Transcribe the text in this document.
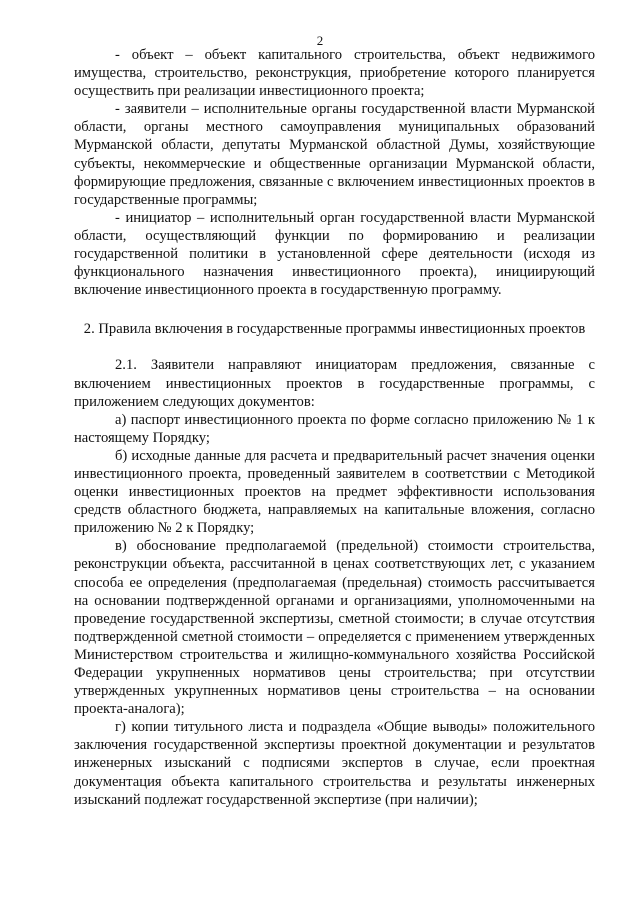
2

- объект – объект капитального строительства, объект недвижимого имущества, строительство, реконструкция, приобретение которого планируется осуществить при реализации инвестиционного проекта;

- заявители – исполнительные органы государственной власти Мурманской области, органы местного самоуправления муниципальных образований Мурманской области, депутаты Мурманской областной Думы, хозяйствующие субъекты, некоммерческие и общественные организации Мурманской области, формирующие предложения, связанные с включением инвестиционных проектов в государственные программы;

- инициатор – исполнительный орган государственной власти Мурманской области, осуществляющий функции по формированию и реализации государственной политики в установленной сфере деятельности (исходя из функционального назначения инвестиционного проекта), инициирующий включение инвестиционного проекта в государственную программу.

2. Правила включения в государственные программы инвестиционных проектов

2.1. Заявители направляют инициаторам предложения, связанные с включением инвестиционных проектов в государственные программы, с приложением следующих документов:

а) паспорт инвестиционного проекта по форме согласно приложению № 1 к настоящему Порядку;

б) исходные данные для расчета и предварительный расчет значения оценки инвестиционного проекта, проведенный заявителем в соответствии с Методикой оценки инвестиционных проектов на предмет эффективности использования средств областного бюджета, направляемых на капитальные вложения, согласно приложению № 2 к Порядку;

в) обоснование предполагаемой (предельной) стоимости строительства, реконструкции объекта, рассчитанной в ценах соответствующих лет, с указанием способа ее определения (предполагаемая (предельная) стоимость рассчитывается на основании подтвержденной органами и организациями, уполномоченными на проведение государственной экспертизы, сметной стоимости; в случае отсутствия подтвержденной сметной стоимости – определяется с применением утвержденных Министерством строительства и жилищно-коммунального хозяйства Российской Федерации укрупненных нормативов цены строительства; при отсутствии утвержденных укрупненных нормативов цены строительства – на основании проекта-аналога);

г) копии титульного листа и подраздела «Общие выводы» положительного заключения государственной экспертизы проектной документации и результатов инженерных изысканий с подписями экспертов в случае, если проектная документация объекта капитального строительства и результаты инженерных изысканий подлежат государственной экспертизе (при наличии);
